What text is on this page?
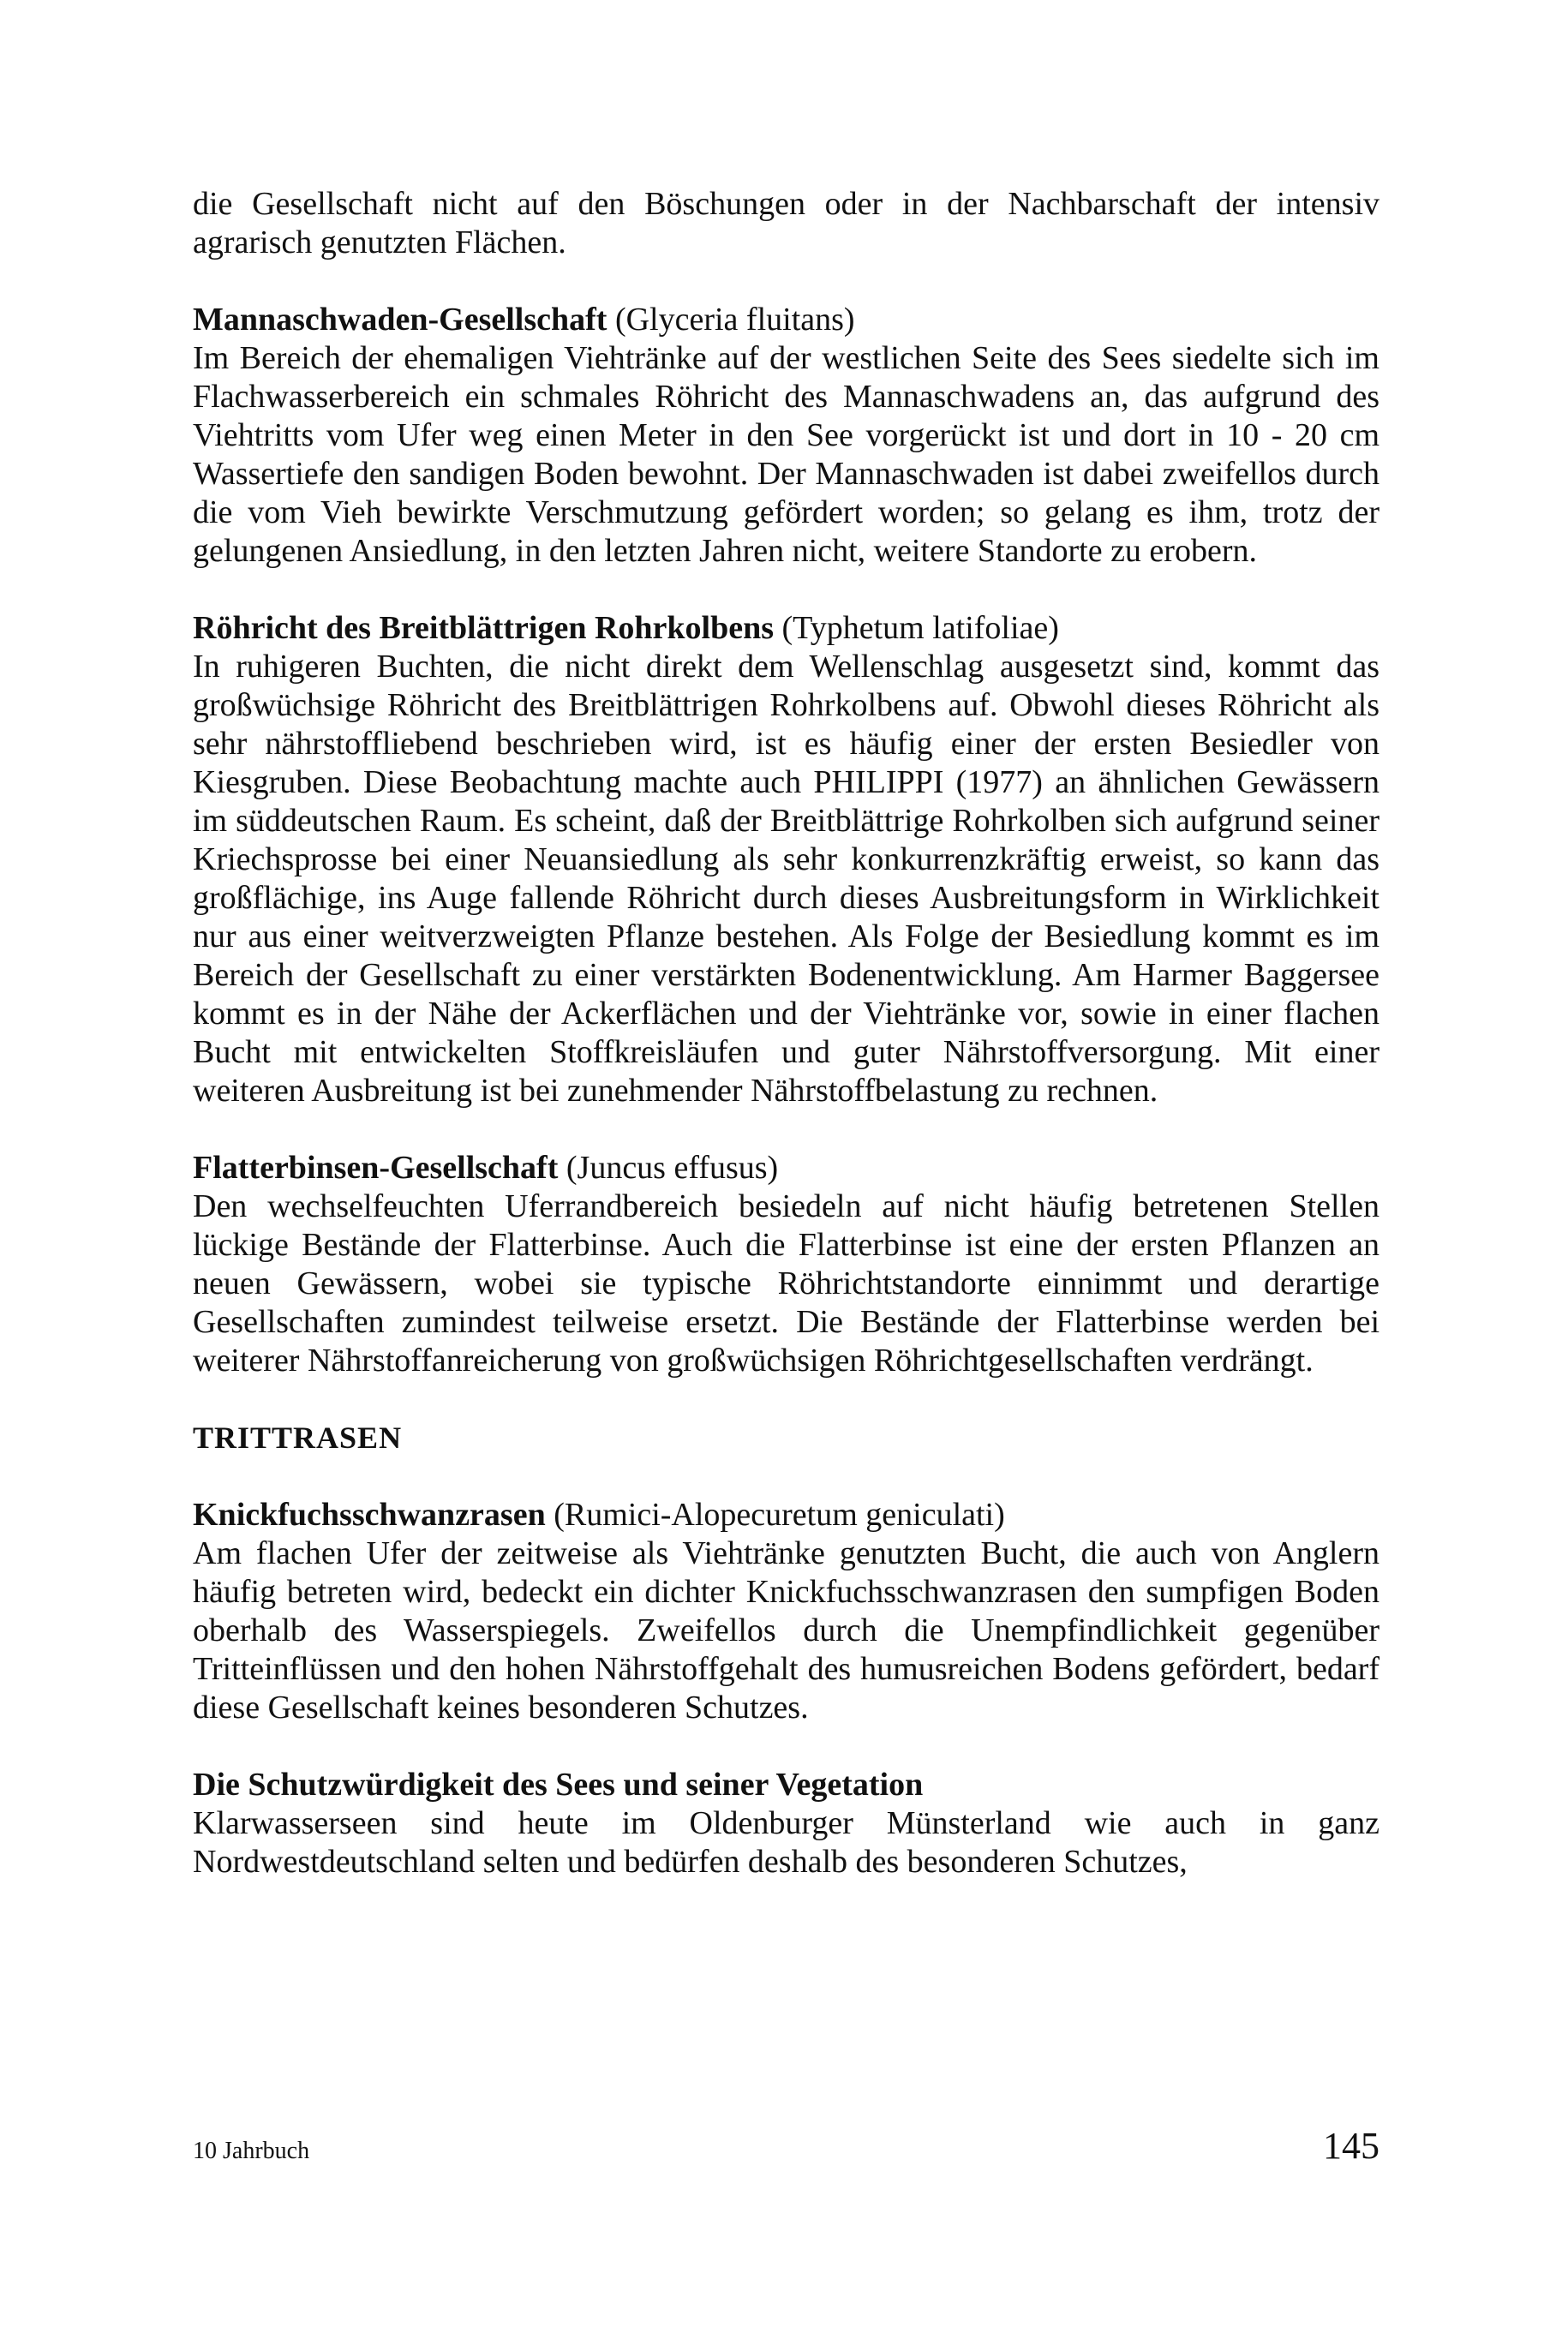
die Gesellschaft nicht auf den Böschungen oder in der Nachbarschaft der intensiv agrarisch genutzten Flächen.

Mannaschwaden-Gesellschaft (Glyceria fluitans)

Im Bereich der ehemaligen Viehtränke auf der westlichen Seite des Sees siedelte sich im Flachwasserbereich ein schmales Röhricht des Mannaschwadens an, das aufgrund des Viehtritts vom Ufer weg einen Meter in den See vorgerückt ist und dort in 10 - 20 cm Wassertiefe den sandigen Boden bewohnt. Der Mannaschwaden ist dabei zweifellos durch die vom Vieh bewirkte Verschmutzung gefördert worden; so gelang es ihm, trotz der gelungenen Ansiedlung, in den letzten Jahren nicht, weitere Standorte zu erobern.

Röhricht des Breitblättrigen Rohrkolbens (Typhetum latifoliae)

In ruhigeren Buchten, die nicht direkt dem Wellenschlag ausgesetzt sind, kommt das großwüchsige Röhricht des Breitblättrigen Rohrkolbens auf. Obwohl dieses Röhricht als sehr nährstoffliebend beschrieben wird, ist es häufig einer der ersten Besiedler von Kiesgruben. Diese Beobachtung machte auch PHILIPPI (1977) an ähnlichen Gewässern im süddeutschen Raum. Es scheint, daß der Breitblättrige Rohrkolben sich aufgrund seiner Kriechsprosse bei einer Neuansiedlung als sehr konkurrenzkräftig erweist, so kann das großflächige, ins Auge fallende Röhricht durch dieses Ausbreitungsform in Wirklichkeit nur aus einer weitverzweigten Pflanze bestehen. Als Folge der Besiedlung kommt es im Bereich der Gesellschaft zu einer verstärkten Bodenentwicklung. Am Harmer Baggersee kommt es in der Nähe der Ackerflächen und der Viehtränke vor, sowie in einer flachen Bucht mit entwickelten Stoffkreisläufen und guter Nährstoffversorgung. Mit einer weiteren Ausbreitung ist bei zunehmender Nährstoffbelastung zu rechnen.

Flatterbinsen-Gesellschaft (Juncus effusus)

Den wechselfeuchten Uferrandbereich besiedeln auf nicht häufig betretenen Stellen lückige Bestände der Flatterbinse. Auch die Flatterbinse ist eine der ersten Pflanzen an neuen Gewässern, wobei sie typische Röhrichtstandorte einnimmt und derartige Gesellschaften zumindest teilweise ersetzt. Die Bestände der Flatterbinse werden bei weiterer Nährstoffanreicherung von großwüchsigen Röhrichtgesellschaften verdrängt.

TRITTRASEN

Knickfuchsschwanzrasen (Rumici-Alopecuretum geniculati)

Am flachen Ufer der zeitweise als Viehtränke genutzten Bucht, die auch von Anglern häufig betreten wird, bedeckt ein dichter Knickfuchsschwanzrasen den sumpfigen Boden oberhalb des Wasserspiegels. Zweifellos durch die Unempfindlichkeit gegenüber Tritteinflüssen und den hohen Nährstoffgehalt des humusreichen Bodens gefördert, bedarf diese Gesellschaft keines besonderen Schutzes.

Die Schutzwürdigkeit des Sees und seiner Vegetation

Klarwasserseen sind heute im Oldenburger Münsterland wie auch in ganz Nordwestdeutschland selten und bedürfen deshalb des besonderen Schutzes,

10 Jahrbuch	145
